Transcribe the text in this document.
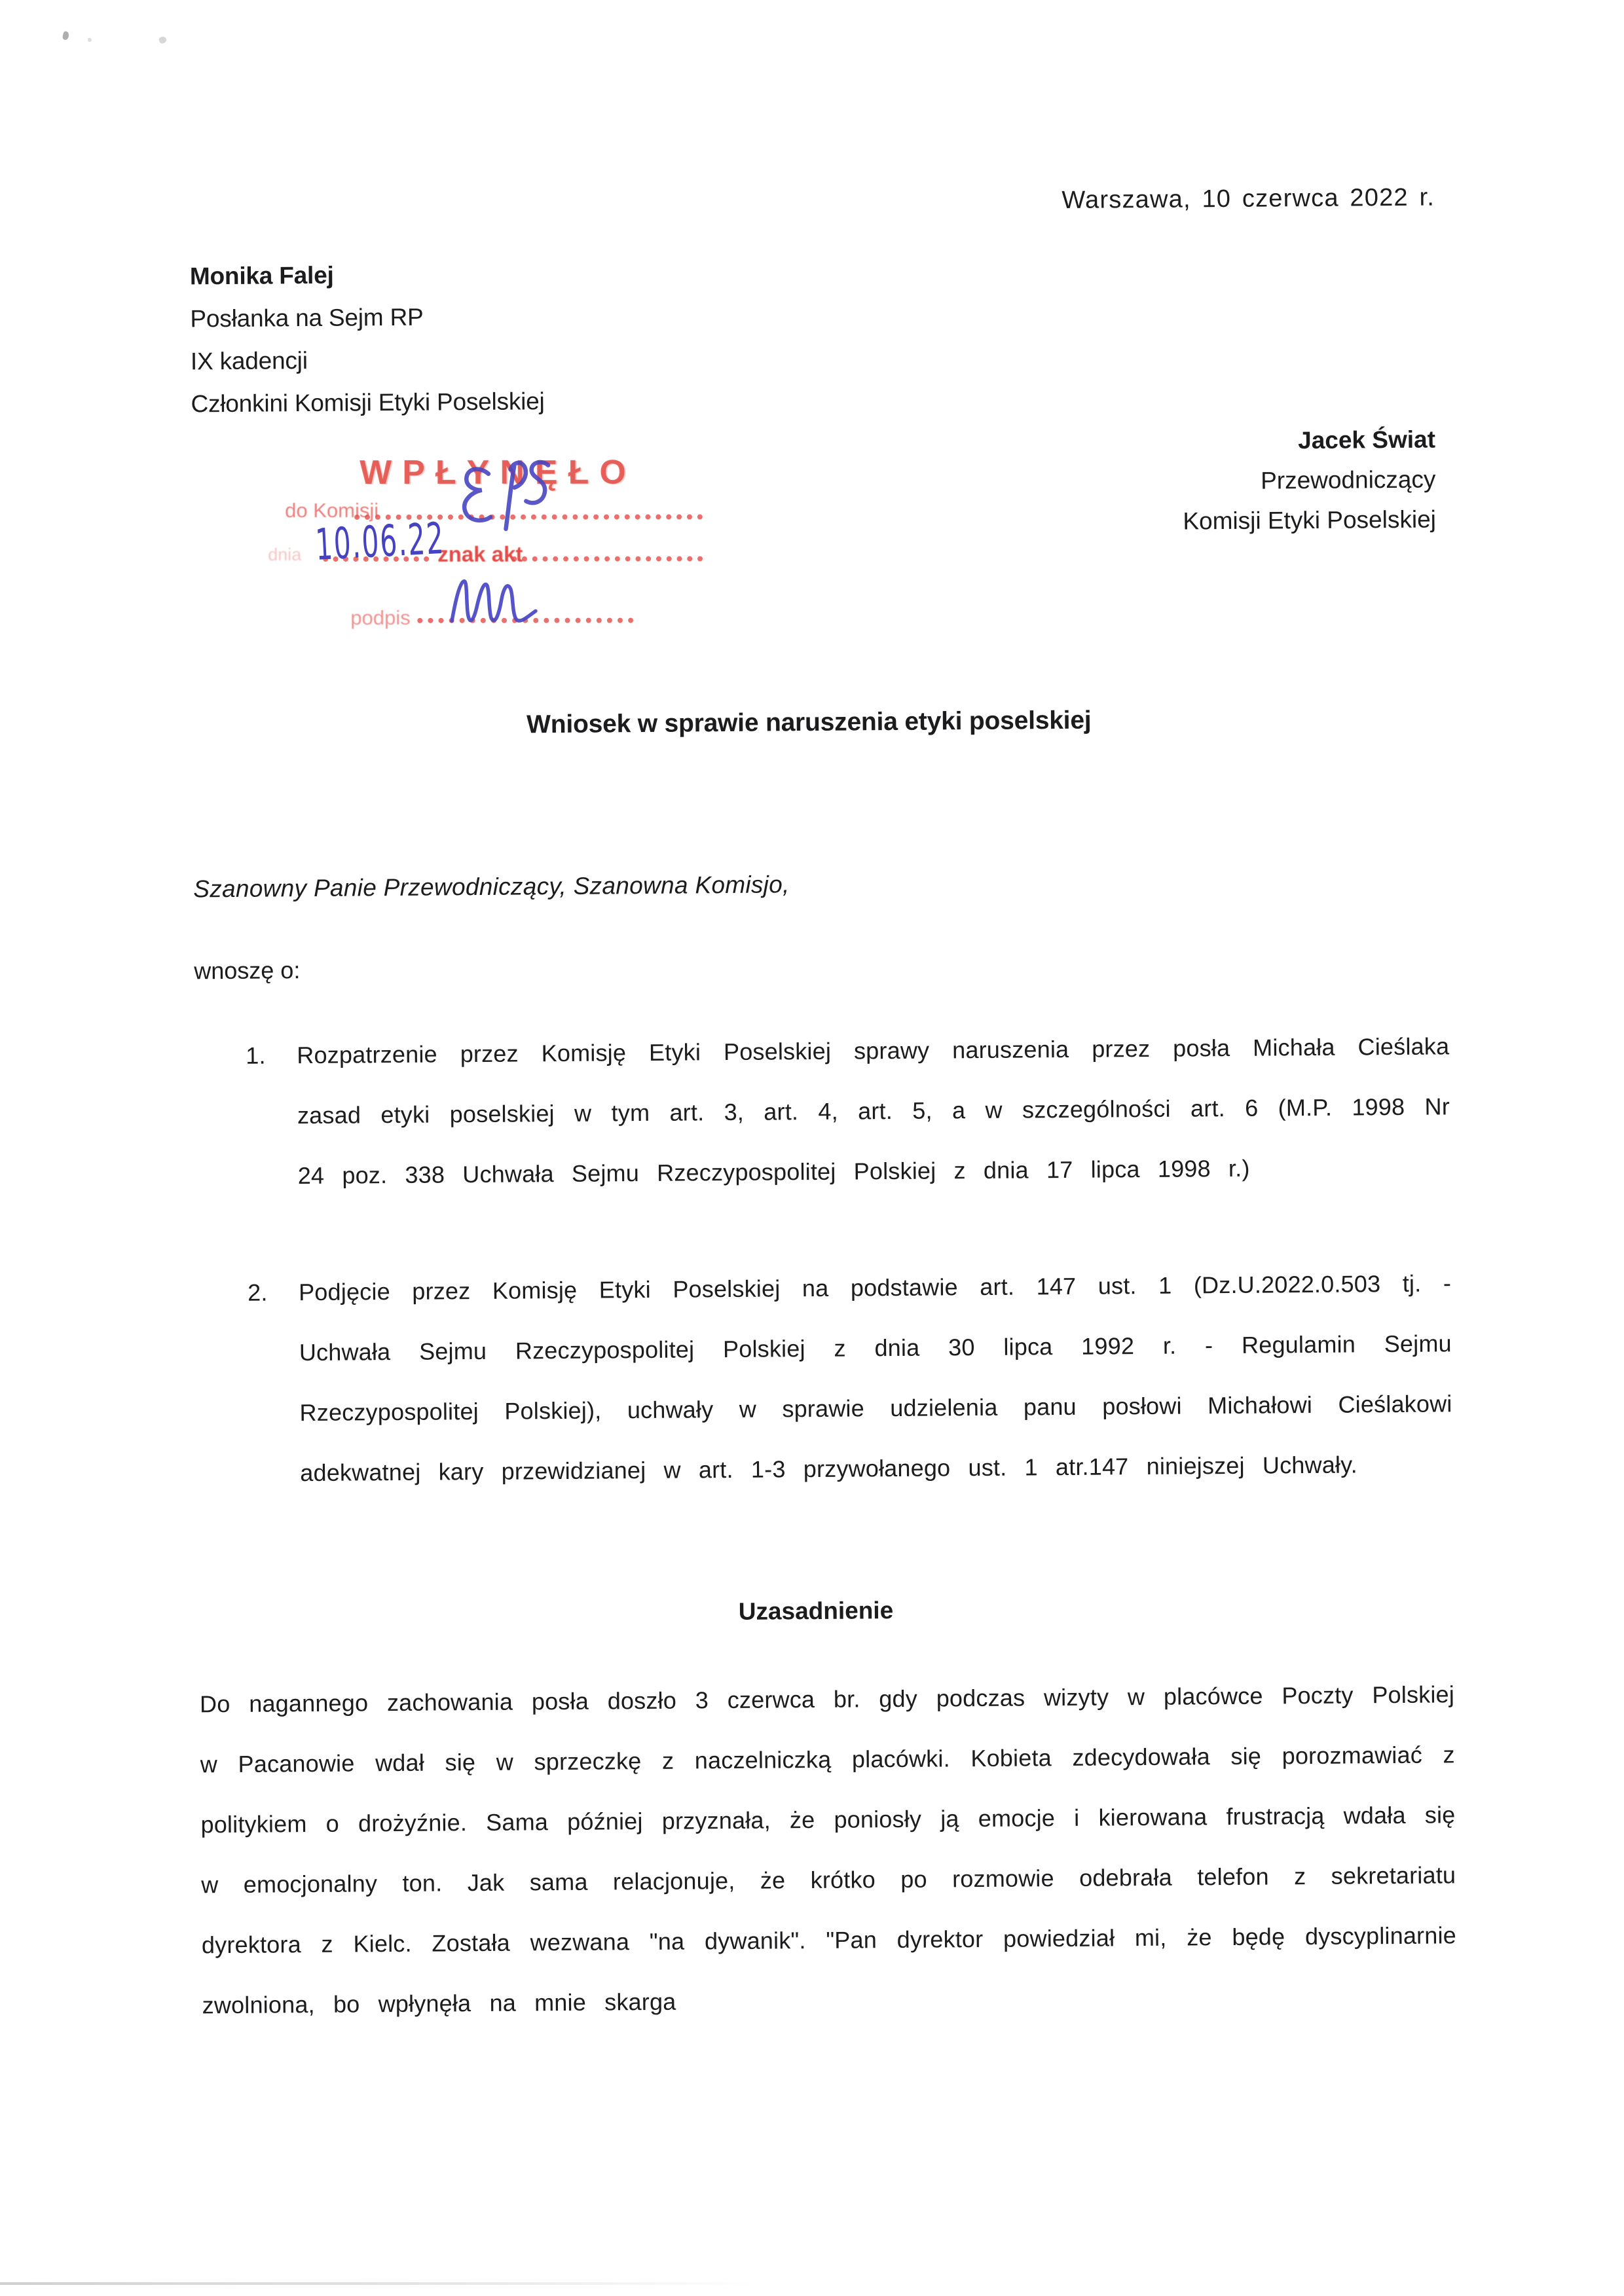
Warszawa, 10 czerwca 2022 r.
Monika Falej
Posłanka na Sejm RP
IX kadencji
Członkini Komisji Etyki Poselskiej
Jacek Świat
Przewodniczący
Komisji Etyki Poselskiej
WPŁYNĘŁO
do Komisji
dnia	znak akt
podpis
10.06.22
Wniosek w sprawie naruszenia etyki poselskiej
Szanowny Panie Przewodniczący, Szanowna Komisjo,
wnoszę o:
1. Rozpatrzenie przez Komisję Etyki Poselskiej sprawy naruszenia przez posła Michała Cieślaka zasad etyki poselskiej w tym art. 3, art. 4, art. 5, a w szczególności art. 6 (M.P. 1998 Nr 24 poz. 338 Uchwała Sejmu Rzeczypospolitej Polskiej z dnia 17 lipca 1998 r.)
2. Podjęcie przez Komisję Etyki Poselskiej na podstawie art. 147 ust. 1 (Dz.U.2022.0.503 tj. - Uchwała Sejmu Rzeczypospolitej Polskiej z dnia 30 lipca 1992 r. - Regulamin Sejmu Rzeczypospolitej Polskiej), uchwały w sprawie udzielenia panu posłowi Michałowi Cieślakowi adekwatnej kary przewidzianej w art. 1-3 przywołanego ust. 1 atr.147 niniejszej Uchwały.
Uzasadnienie
Do nagannego zachowania posła doszło 3 czerwca br. gdy podczas wizyty w placówce Poczty Polskiej w Pacanowie wdał się w sprzeczkę z naczelniczką placówki. Kobieta zdecydowała się porozmawiać z politykiem o drożyźnie. Sama później przyznała, że poniosły ją emocje i kierowana frustracją wdała się w emocjonalny ton. Jak sama relacjonuje, że krótko po rozmowie odebrała telefon z sekretariatu dyrektora z Kielc. Została wezwana "na dywanik". "Pan dyrektor powiedział mi, że będę dyscyplinarnie zwolniona, bo wpłynęła na mnie skarga
